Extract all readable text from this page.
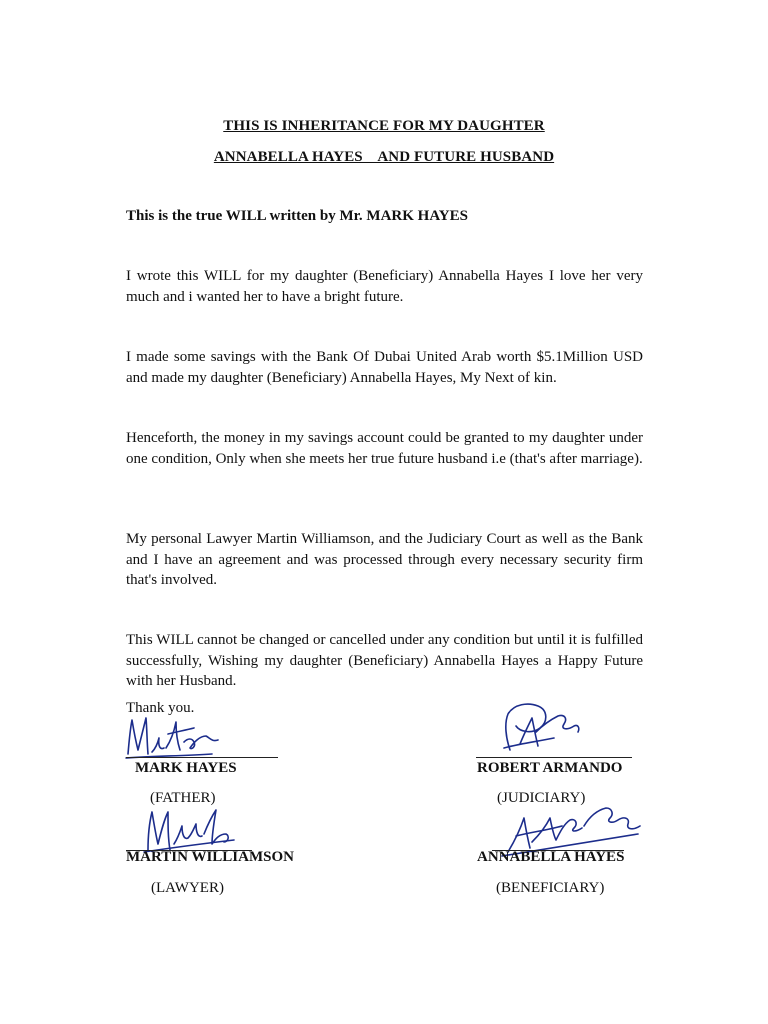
THIS IS INHERITANCE FOR MY DAUGHTER
ANNABELLA HAYES    AND FUTURE HUSBAND
This is the true WILL written by Mr. MARK HAYES
I wrote this WILL for my daughter (Beneficiary) Annabella Hayes I love her very much and i wanted her to have a bright future.
I made some savings with the Bank Of Dubai United Arab worth $5.1Million USD and made my daughter (Beneficiary) Annabella Hayes, My Next of kin.
Henceforth, the money in my savings account could be granted to my daughter under one condition, Only when she meets her true future husband i.e (that's after marriage).
My personal Lawyer Martin Williamson, and the Judiciary Court as well as the Bank and I have an agreement and was processed through every necessary security firm that's involved.
This WILL cannot be changed or cancelled under any condition but until it is fulfilled successfully, Wishing my daughter (Beneficiary) Annabella Hayes a Happy Future with her Husband.
Thank you.
MARK HAYES
(FATHER)
ROBERT ARMANDO
(JUDICIARY)
MARTIN WILLIAMSON
(LAWYER)
ANNABELLA HAYES
(BENEFICIARY)
